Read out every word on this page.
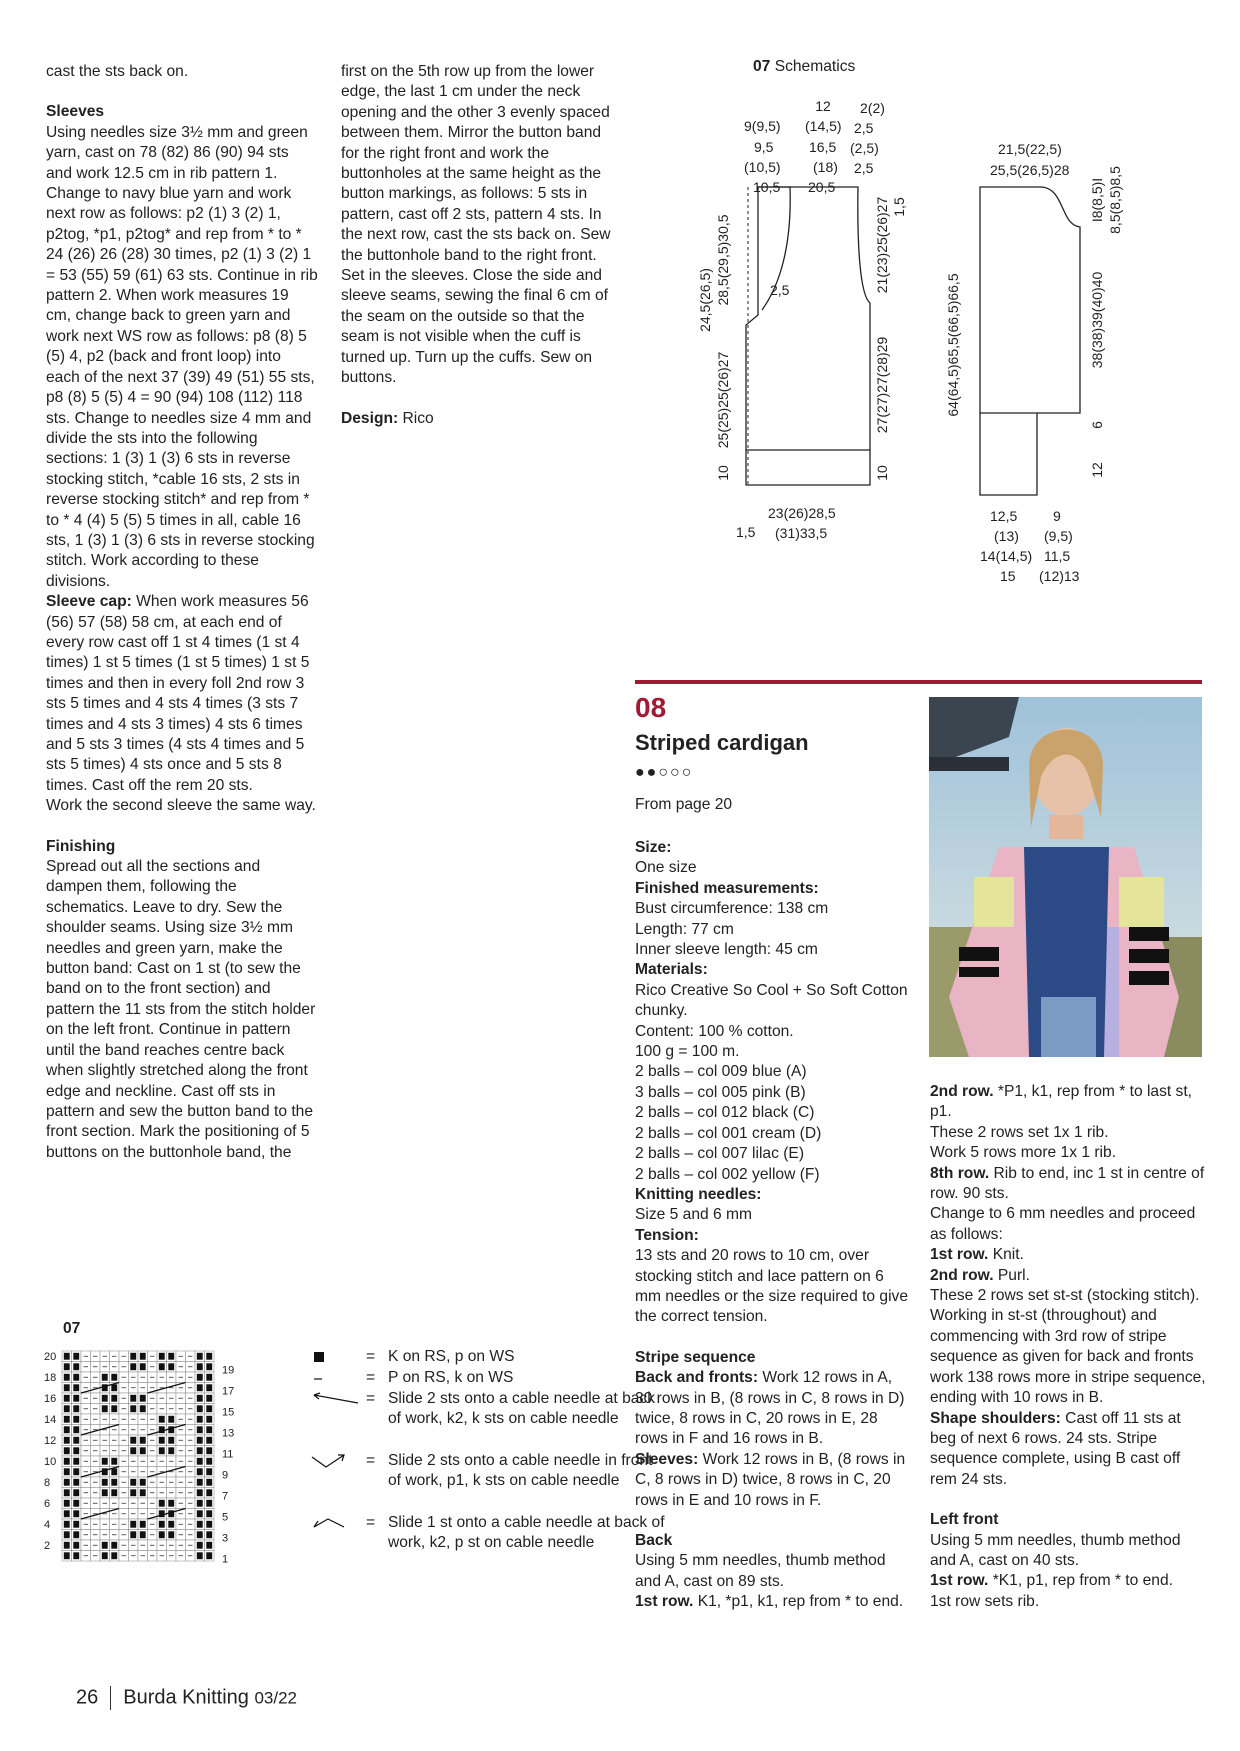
cast the sts back on.

Sleeves

Using needles size 3½ mm and green yarn, cast on 78 (82) 86 (90) 94 sts and work 12.5 cm in rib pattern 1. Change to navy blue yarn and work next row as follows: p2 (1) 3 (2) 1, p2tog, *p1, p2tog* and rep from * to * 24 (26) 26 (28) 30 times, p2 (1) 3 (2) 1 = 53 (55) 59 (61) 63 sts. Continue in rib pattern 2. When work measures 19 cm, change back to green yarn and work next WS row as follows: p8 (8) 5 (5) 4, p2 (back and front loop) into each of the next 37 (39) 49 (51) 55 sts, p8 (8) 5 (5) 4 = 90 (94) 108 (112) 118 sts. Change to needles size 4 mm and divide the sts into the following sections: 1 (3) 1 (3) 6 sts in reverse stocking stitch, *cable 16 sts, 2 sts in reverse stocking stitch* and rep from * to * 4 (4) 5 (5) 5 times in all, cable 16 sts, 1 (3) 1 (3) 6 sts in reverse stocking stitch. Work according to these divisions.

Sleeve cap: When work measures 56 (56) 57 (58) 58 cm, at each end of every row cast off 1 st 4 times (1 st 4 times) 1 st 5 times (1 st 5 times) 1 st 5 times and then in every foll 2nd row 3 sts 5 times and 4 sts 4 times (3 sts 7 times and 4 sts 3 times) 4 sts 6 times and 5 sts 3 times (4 sts 4 times and 5 sts 5 times) 4 sts once and 5 sts 8 times. Cast off the rem 20 sts.

Work the second sleeve the same way.

Finishing

Spread out all the sections and dampen them, following the schematics. Leave to dry. Sew the shoulder seams. Using size 3½ mm needles and green yarn, make the button band: Cast on 1 st (to sew the band on to the front section) and pattern the 11 sts from the stitch holder on the left front. Continue in pattern until the band reaches centre back when slightly stretched along the front edge and neckline. Cast off sts in pattern and sew the button band to the front section. Mark the positioning of 5 buttons on the buttonhole band, the

first on the 5th row up from the lower edge, the last 1 cm under the neck opening and the other 3 evenly spaced between them. Mirror the button band for the right front and work the buttonholes at the same height as the button markings, as follows: 5 sts in pattern, cast off 2 sts, pattern 4 sts. In the next row, cast the sts back on. Sew the buttonhole band to the right front. Set in the sleeves. Close the side and sleeve seams, sewing the final 6 cm of the seam on the outside so that the seam is not visible when the cuff is turned up. Turn up the cuffs. Sew on buttons.

Design: Rico

07 Schematics
12 2(2)
9(9,5) (14,5) 2,5
9,5	16,5 (2,5)
(10,5) (18) 2,5
10,5 20,5
2,5
24,5(26,5) 28,5(29,5)30,5
25(25)25(26)27
10
21(23)25(26)27 1,5
27(27)27(28)29
10
1,5
23(26)28,5
(31)33,5
21,5(22,5)
25,5(26,5)28
I8(8,5)I 8,5(8,5)8,5
64(64,5)65,5(66,5)66,5	38(38)39(40)40
6
12
12,5	9
(13) (9,5)
14(14,5) 11,5
15 (12)13
08
Striped cardigan
●●○○○
From page 20
07
20
18
16
14
12
10
8
6
4
2
19
17
15
13
11
9
7
5
3
1
= K on RS, p on WS
= P on RS, k on WS
= Slide 2 sts onto a cable needle at back of work, k2, k sts on cable needle
= Slide 2 sts onto a cable needle in front of work, p1, k sts on cable needle
= Slide 1 st onto a cable needle at back of work, k2, p st on cable needle

Size:

One size

Finished measurements:

Bust circumference: 138 cm

Length: 77 cm

Inner sleeve length: 45 cm

Materials:

Rico Creative So Cool + So Soft Cotton chunky.

Content: 100 % cotton.

100 g = 100 m.

2 balls – col 009 blue (A)

3 balls – col 005 pink (B)

2 balls – col 012 black (C)

2 balls – col 001 cream (D)

2 balls – col 007 lilac (E)

2 balls – col 002 yellow (F)

Knitting needles:

Size 5 and 6 mm

Tension:

13 sts and 20 rows to 10 cm, over stocking stitch and lace pattern on 6 mm needles or the size required to give the correct tension.

Stripe sequence

Back and fronts: Work 12 rows in A, 30 rows in B, (8 rows in C, 8 rows in D) twice, 8 rows in C, 20 rows in E, 28 rows in F and 16 rows in B.

Sleeves: Work 12 rows in B, (8 rows in C, 8 rows in D) twice, 8 rows in C, 20 rows in E and 10 rows in F.

Back

Using 5 mm needles, thumb method and A, cast on 89 sts.

1st row. K1, *p1, k1, rep from * to end.

2nd row. *P1, k1, rep from * to last st, p1.

These 2 rows set 1x 1 rib.

Work 5 rows more 1x 1 rib.

8th row. Rib to end, inc 1 st in centre of row. 90 sts.

Change to 6 mm needles and proceed as follows:

1st row. Knit.

2nd row. Purl.

These 2 rows set st-st (stocking stitch).

Working in st-st (throughout) and commencing with 3rd row of stripe sequence as given for back and fronts work 138 rows more in stripe sequence, ending with 10 rows in B.

Shape shoulders: Cast off 11 sts at beg of next 6 rows. 24 sts. Stripe sequence complete, using B cast off rem 24 sts.

Left front

Using 5 mm needles, thumb method and A, cast on 40 sts.

1st row. *K1, p1, rep from * to end.

1st row sets rib.

26 Burda Knitting 03/22
